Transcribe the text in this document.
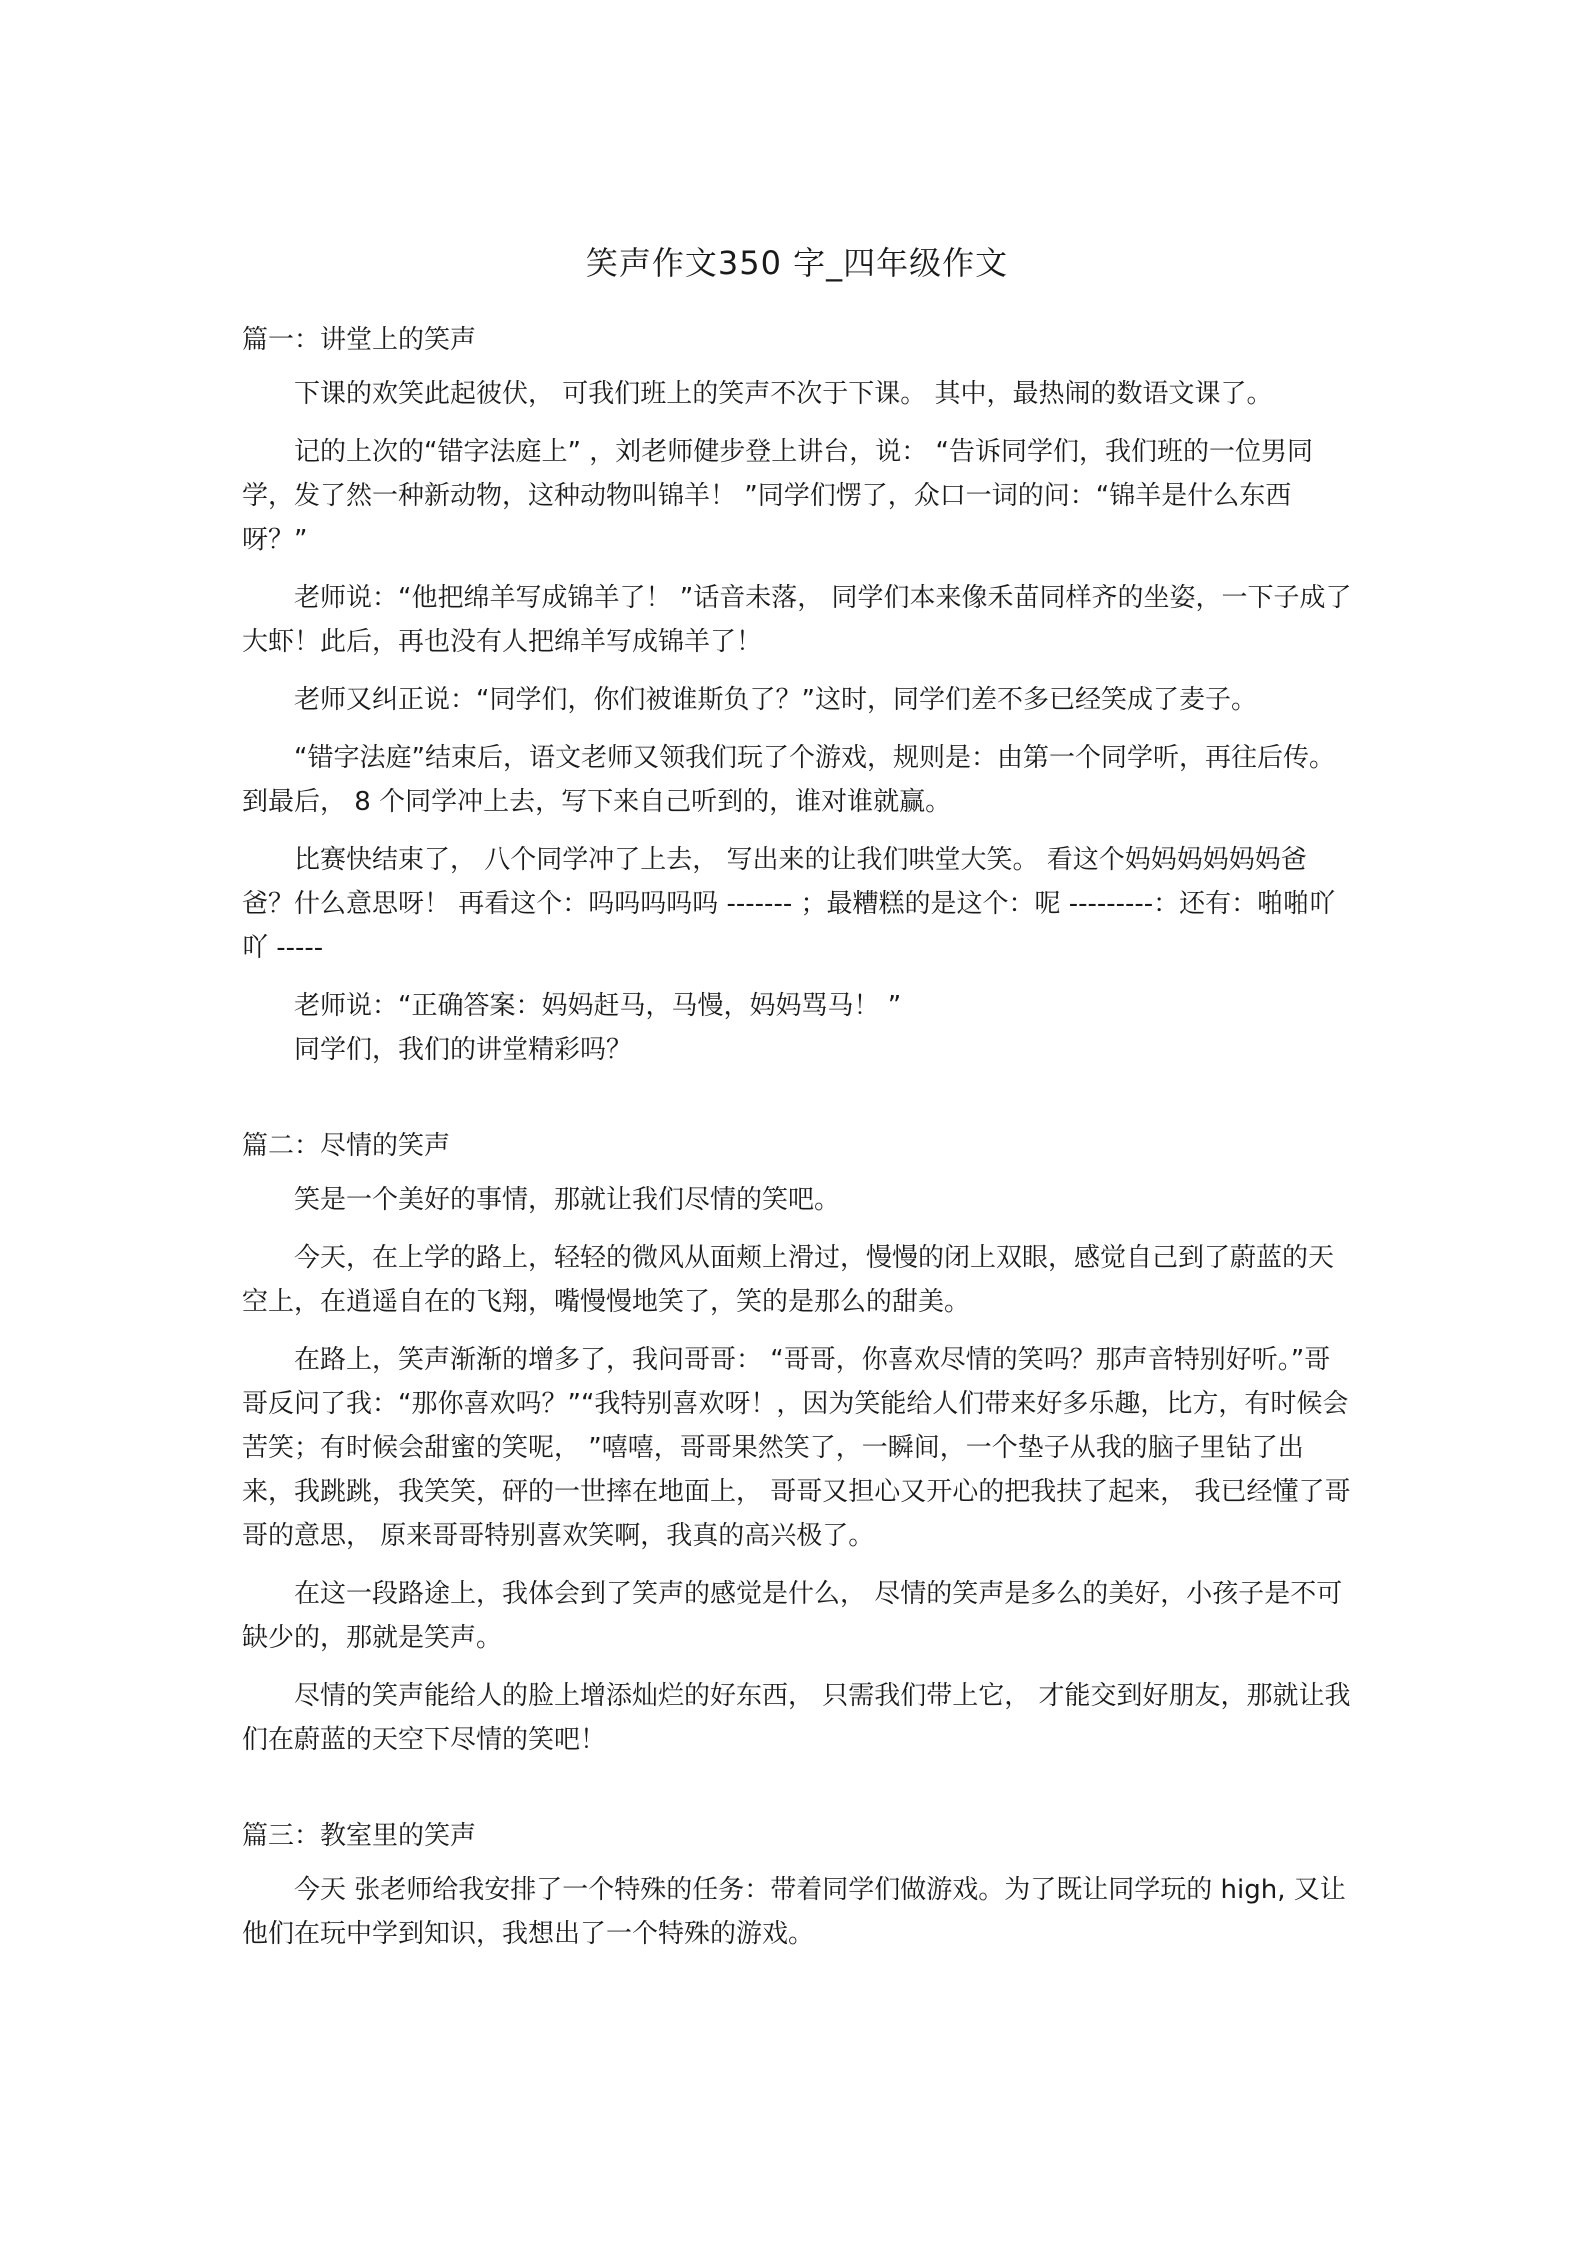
笑声作文350 字_四年级作文
篇一：讲堂上的笑声

下课的欢笑此起彼伏， 可我们班上的笑声不次于下课。 其中，最热闹的数语文课了。

记的上次的“错字法庭上” ，刘老师健步登上讲台，说： “告诉同学们，我们班的一位男同学，发了然一种新动物，这种动物叫锦羊！ ”同学们愣了，众口一词的问：“锦羊是什么东西呀？”

老师说：“他把绵羊写成锦羊了！ ”话音未落， 同学们本来像禾苗同样齐的坐姿，一下子成了大虾！此后，再也没有人把绵羊写成锦羊了！

老师又纠正说：“同学们，你们被谁斯负了？”这时，同学们差不多已经笑成了麦子。

“错字法庭”结束后，语文老师又领我们玩了个游戏，规则是：由第一个同学听，再往后传。到最后， 8 个同学冲上去，写下来自己听到的，谁对谁就赢。

比赛快结束了， 八个同学冲了上去， 写出来的让我们哄堂大笑。 看这个妈妈妈妈妈妈爸爸？什么意思呀！ 再看这个：吗吗吗吗吗 ------- ；最糟糕的是这个：呢 ---------：还有：啪啪吖吖 -----

老师说：“正确答案：妈妈赶马，马慢，妈妈骂马！ ”

同学们，我们的讲堂精彩吗？

篇二：尽情的笑声

笑是一个美好的事情，那就让我们尽情的笑吧。

今天，在上学的路上，轻轻的微风从面颊上滑过，慢慢的闭上双眼，感觉自己到了蔚蓝的天空上，在逍遥自在的飞翔，嘴慢慢地笑了，笑的是那么的甜美。

在路上，笑声渐渐的增多了，我问哥哥： “哥哥，你喜欢尽情的笑吗？那声音特别好听。”哥哥反问了我：“那你喜欢吗？”“我特别喜欢呀！，因为笑能给人们带来好多乐趣，比方，有时候会苦笑；有时候会甜蜜的笑呢， ”嘻嘻，哥哥果然笑了，一瞬间，一个垫子从我的脑子里钻了出来，我跳跳，我笑笑，砰的一世摔在地面上， 哥哥又担心又开心的把我扶了起来， 我已经懂了哥哥的意思， 原来哥哥特别喜欢笑啊，我真的高兴极了。

在这一段路途上，我体会到了笑声的感觉是什么， 尽情的笑声是多么的美好，小孩子是不可缺少的，那就是笑声。

尽情的笑声能给人的脸上增添灿烂的好东西， 只需我们带上它， 才能交到好朋友，那就让我们在蔚蓝的天空下尽情的笑吧！

篇三：教室里的笑声

今天 张老师给我安排了一个特殊的任务：带着同学们做游戏。为了既让同学玩的 high, 又让他们在玩中学到知识，我想出了一个特殊的游戏。
